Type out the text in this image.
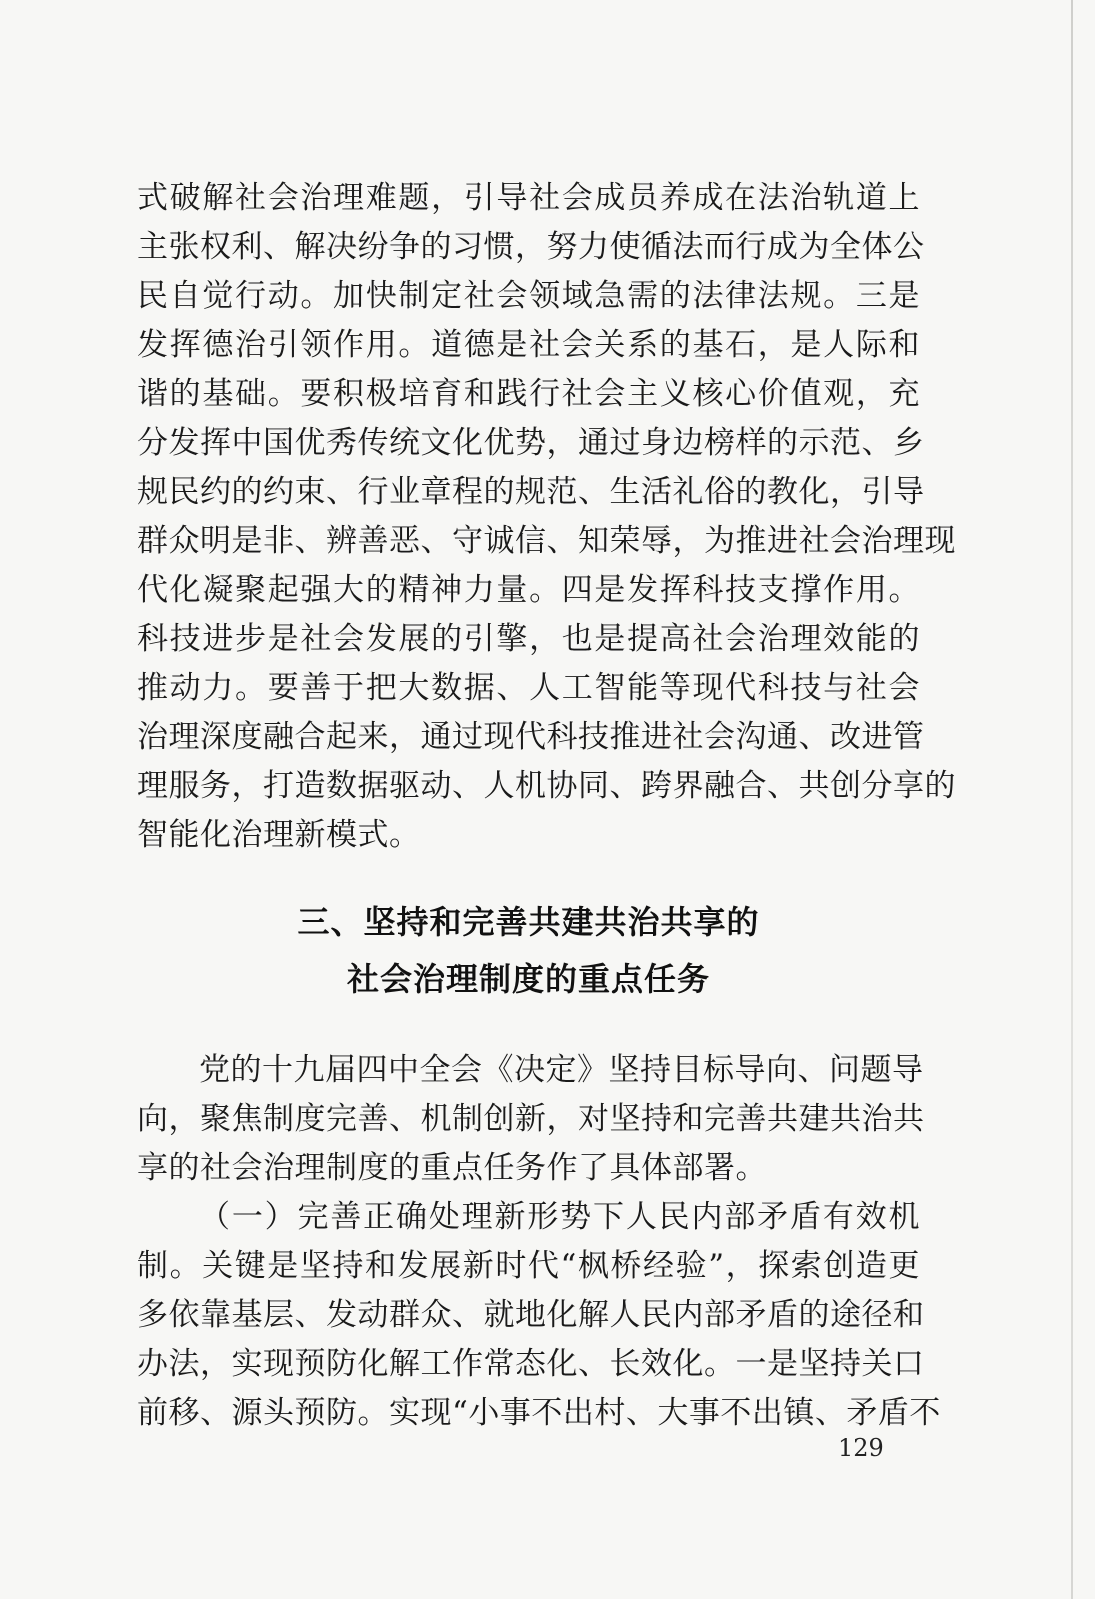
式破解社会治理难题，引导社会成员养成在法治轨道上
主张权利、解决纷争的习惯，努力使循法而行成为全体公
民自觉行动。加快制定社会领域急需的法律法规。三是
发挥德治引领作用。道德是社会关系的基石，是人际和
谐的基础。要积极培育和践行社会主义核心价值观，充
分发挥中国优秀传统文化优势，通过身边榜样的示范、乡
规民约的约束、行业章程的规范、生活礼俗的教化，引导
群众明是非、辨善恶、守诚信、知荣辱，为推进社会治理现
代化凝聚起强大的精神力量。四是发挥科技支撑作用。
科技进步是社会发展的引擎，也是提高社会治理效能的
推动力。要善于把大数据、人工智能等现代科技与社会
治理深度融合起来，通过现代科技推进社会沟通、改进管
理服务，打造数据驱动、人机协同、跨界融合、共创分享的
智能化治理新模式。
三、坚持和完善共建共治共享的
社会治理制度的重点任务
党的十九届四中全会《决定》坚持目标导向、问题导
向，聚焦制度完善、机制创新，对坚持和完善共建共治共
享的社会治理制度的重点任务作了具体部署。
（一）完善正确处理新形势下人民内部矛盾有效机
制。关键是坚持和发展新时代“枫桥经验”，探索创造更
多依靠基层、发动群众、就地化解人民内部矛盾的途径和
办法，实现预防化解工作常态化、长效化。一是坚持关口
前移、源头预防。实现“小事不出村、大事不出镇、矛盾不
129
